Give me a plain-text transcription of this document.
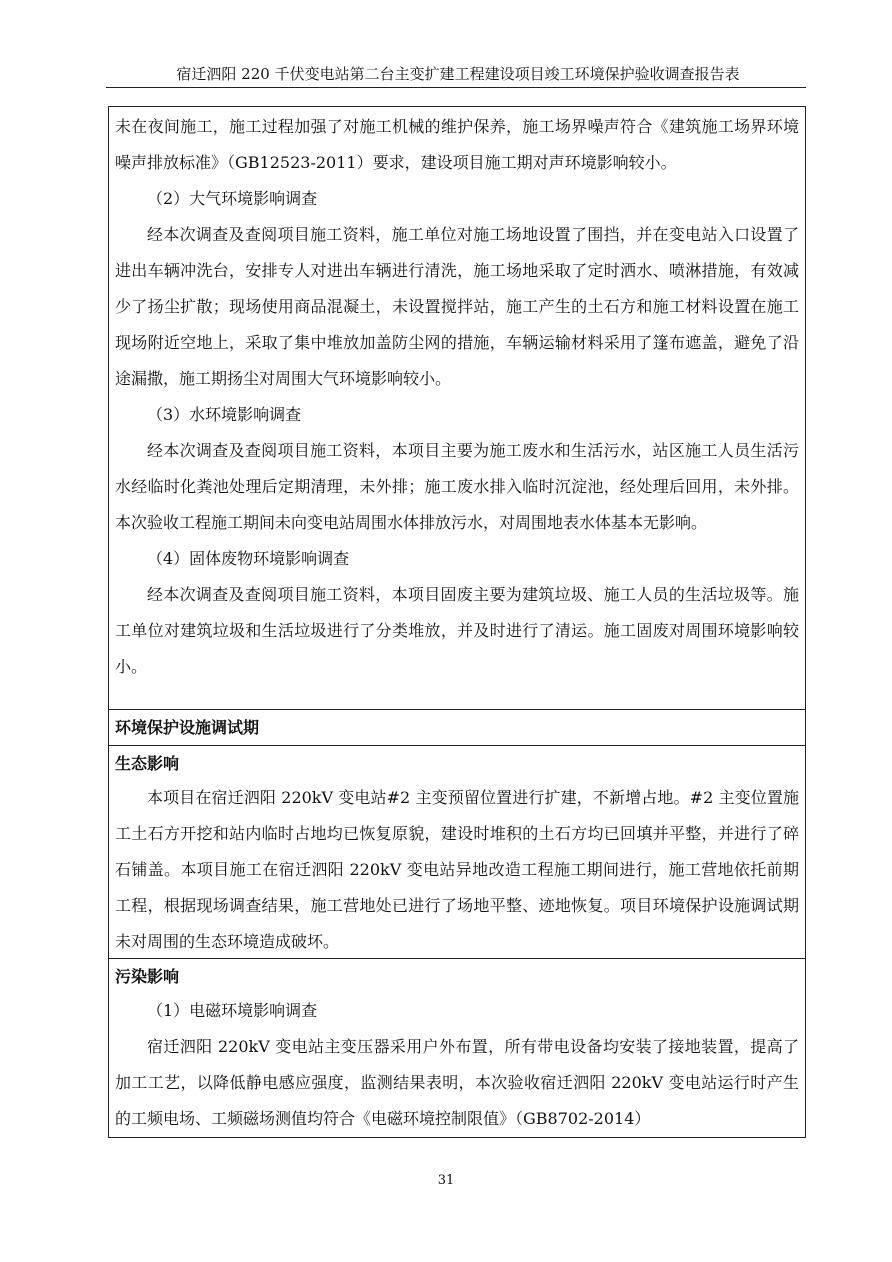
宿迁泗阳 220 千伏变电站第二台主变扩建工程建设项目竣工环境保护验收调查报告表

未在夜间施工，施工过程加强了对施工机械的维护保养，施工场界噪声符合《建筑施工场界环境噪声排放标准》（GB12523-2011）要求，建设项目施工期对声环境影响较小。

（2）大气环境影响调查

经本次调查及查阅项目施工资料，施工单位对施工场地设置了围挡，并在变电站入口设置了进出车辆冲洗台，安排专人对进出车辆进行清洗，施工场地采取了定时洒水、喷淋措施，有效减少了扬尘扩散；现场使用商品混凝土，未设置搅拌站，施工产生的土石方和施工材料设置在施工现场附近空地上，采取了集中堆放加盖防尘网的措施，车辆运输材料采用了篷布遮盖，避免了沿途漏撒，施工期扬尘对周围大气环境影响较小。

（3）水环境影响调查

经本次调查及查阅项目施工资料，本项目主要为施工废水和生活污水，站区施工人员生活污水经临时化粪池处理后定期清理，未外排；施工废水排入临时沉淀池，经处理后回用，未外排。本次验收工程施工期间未向变电站周围水体排放污水，对周围地表水体基本无影响。

（4）固体废物环境影响调查

经本次调查及查阅项目施工资料，本项目固废主要为建筑垃圾、施工人员的生活垃圾等。施工单位对建筑垃圾和生活垃圾进行了分类堆放，并及时进行了清运。施工固废对周围环境影响较小。

环境保护设施调试期
生态影响

本项目在宿迁泗阳 220kV 变电站#2 主变预留位置进行扩建，不新增占地。#2 主变位置施工土石方开挖和站内临时占地均已恢复原貌，建设时堆积的土石方均已回填并平整，并进行了碎石铺盖。本项目施工在宿迁泗阳 220kV 变电站异地改造工程施工期间进行，施工营地依托前期工程，根据现场调查结果，施工营地处已进行了场地平整、迹地恢复。项目环境保护设施调试期未对周围的生态环境造成破坏。

污染影响

（1）电磁环境影响调查

宿迁泗阳 220kV 变电站主变压器采用户外布置，所有带电设备均安装了接地装置，提高了加工工艺，以降低静电感应强度，监测结果表明，本次验收宿迁泗阳 220kV 变电站运行时产生的工频电场、工频磁场测值均符合《电磁环境控制限值》（GB8702-2014）

31
